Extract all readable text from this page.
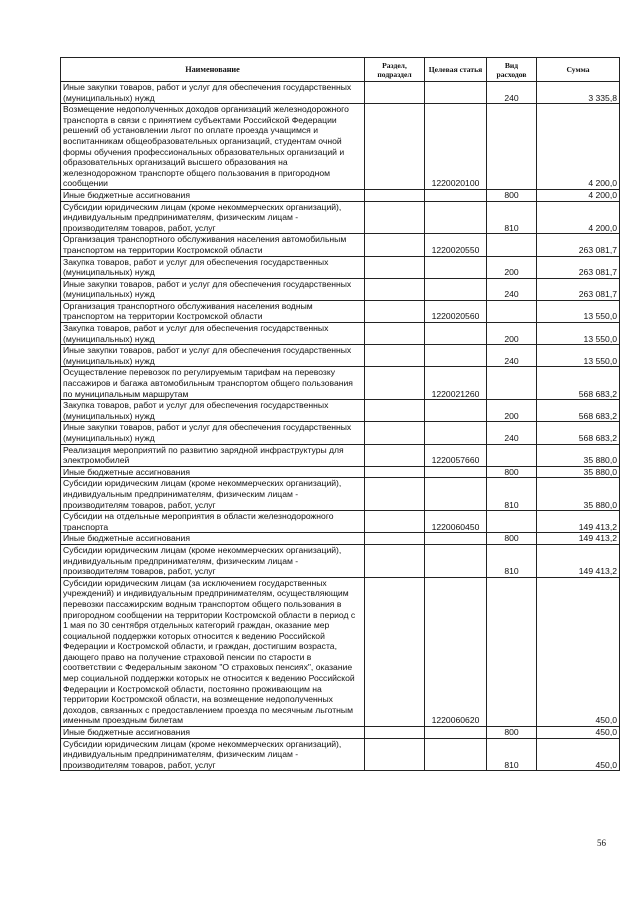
Наименование	Раздел, подраздел	Целевая статья	Вид расходов	Сумма
Иные закупки товаров, работ и услуг для обеспечения государственных (муниципальных) нужд			240	3 335,8
Возмещение недополученных доходов организаций железнодорожного транспорта в связи с принятием субъектами Российской Федерации решений об установлении льгот по оплате проезда учащимся и воспитанникам общеобразовательных организаций, студентам очной формы обучения профессиональных образовательных организаций и образовательных организаций высшего образования на железнодорожном транспорте общего пользования в пригородном сообщении		1220020100		4 200,0
Иные бюджетные ассигнования			800	4 200,0
Субсидии юридическим лицам (кроме некоммерческих организаций), индивидуальным предпринимателям, физическим лицам - производителям товаров, работ, услуг			810	4 200,0
Организация транспортного обслуживания населения автомобильным транспортом на территории Костромской области		1220020550		263 081,7
Закупка товаров, работ и услуг для обеспечения государственных (муниципальных) нужд			200	263 081,7
Иные закупки товаров, работ и услуг для обеспечения государственных (муниципальных) нужд			240	263 081,7
Организация транспортного обслуживания населения водным транспортом на территории Костромской области		1220020560		13 550,0
Закупка товаров, работ и услуг для обеспечения государственных (муниципальных) нужд			200	13 550,0
Иные закупки товаров, работ и услуг для обеспечения государственных (муниципальных) нужд			240	13 550,0
Осуществление перевозок по регулируемым тарифам на перевозку пассажиров и багажа автомобильным транспортом общего пользования по муниципальным маршрутам		1220021260		568 683,2
Закупка товаров, работ и услуг для обеспечения государственных (муниципальных) нужд			200	568 683,2
Иные закупки товаров, работ и услуг для обеспечения государственных (муниципальных) нужд			240	568 683,2
Реализация мероприятий по развитию зарядной инфраструктуры для электромобилей		1220057660		35 880,0
Иные бюджетные ассигнования			800	35 880,0
Субсидии юридическим лицам (кроме некоммерческих организаций), индивидуальным предпринимателям, физическим лицам - производителям товаров, работ, услуг			810	35 880,0
Субсидии на отдельные мероприятия в области железнодорожного транспорта		1220060450		149 413,2
Иные бюджетные ассигнования			800	149 413,2
Субсидии юридическим лицам (кроме некоммерческих организаций), индивидуальным предпринимателям, физическим лицам - производителям товаров, работ, услуг			810	149 413,2
Субсидии юридическим лицам (за исключением государственных учреждений) и индивидуальным предпринимателям, осуществляющим перевозки пассажирским водным транспортом общего пользования в пригородном сообщении на территории Костромской области в период с 1 мая по 30 сентября отдельных категорий граждан, оказание мер социальной поддержки которых относится к ведению Российской Федерации и Костромской области, и граждан, достигшим возраста, дающего право на получение страховой пенсии по старости в соответствии с Федеральным законом "О страховых пенсиях", оказание мер социальной поддержки которых не относится к ведению Российской Федерации и Костромской области, постоянно проживающим на территории Костромской области, на возмещение недополученных доходов, связанных с предоставлением проезда по месячным льготным именным проездным билетам		1220060620		450,0
Иные бюджетные ассигнования			800	450,0
Субсидии юридическим лицам (кроме некоммерческих организаций), индивидуальным предпринимателям, физическим лицам - производителям товаров, работ, услуг			810	450,0
56
